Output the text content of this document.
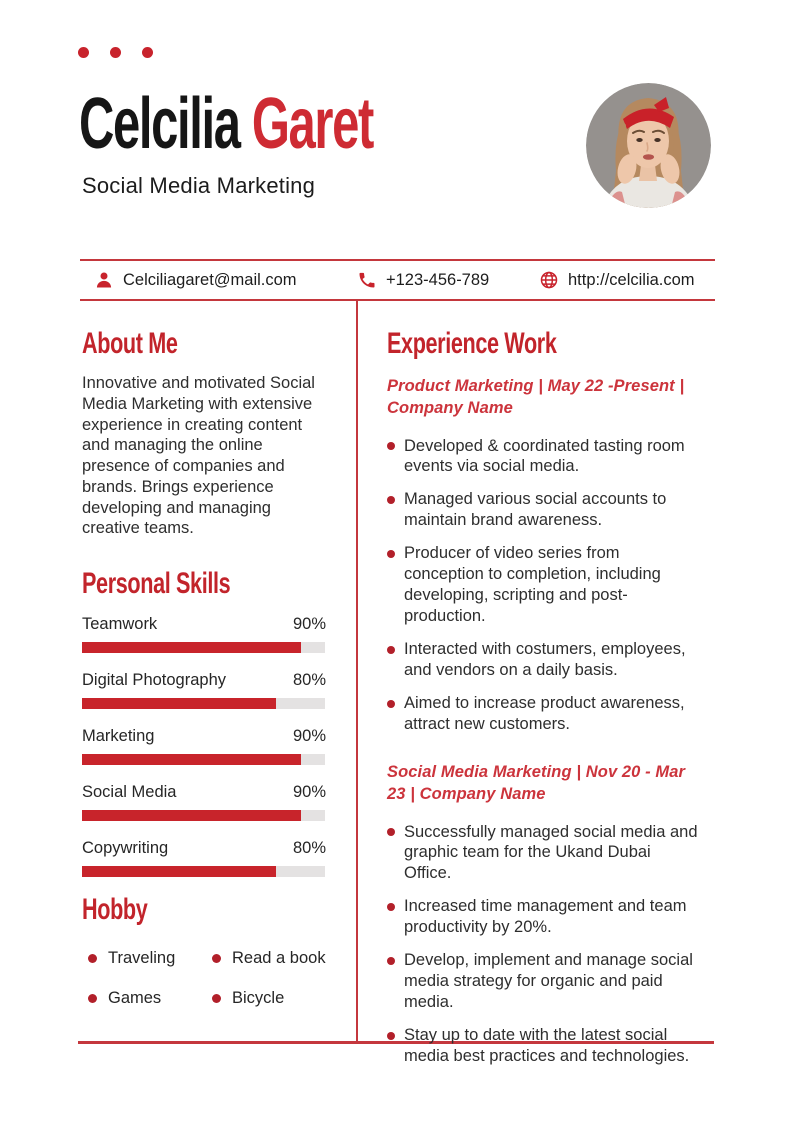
Celcilia Garet
Social Media Marketing
Celciliagaret@mail.com	+123-456-789	http://celcilia.com
About Me

Innovative and motivated Social Media Marketing with extensive experience in creating content and managing the online presence of companies and brands. Brings experience developing and managing creative teams.

Personal Skills
Teamwork	90%
Digital Photography	80%
Marketing	90%
Social Media	90%
Copywriting	80%
Hobby
Traveling	Read a book
Games	Bicycle
Experience Work
Product Marketing | May 22 -Present | Company Name
Developed & coordinated tasting room events via social media.
Managed various social accounts to maintain brand awareness.
Producer of video series from conception to completion, including developing, scripting and post-production.
Interacted with costumers, employees, and vendors on a daily basis.
Aimed to increase product awareness, attract new customers.
Social Media Marketing | Nov 20 - Mar 23 | Company Name
Successfully managed social media and graphic team for the Ukand Dubai Office.
Increased time management and team productivity by 20%.
Develop, implement and manage social media strategy for organic and paid media.
Stay up to date with the latest social media best practices and technologies.
